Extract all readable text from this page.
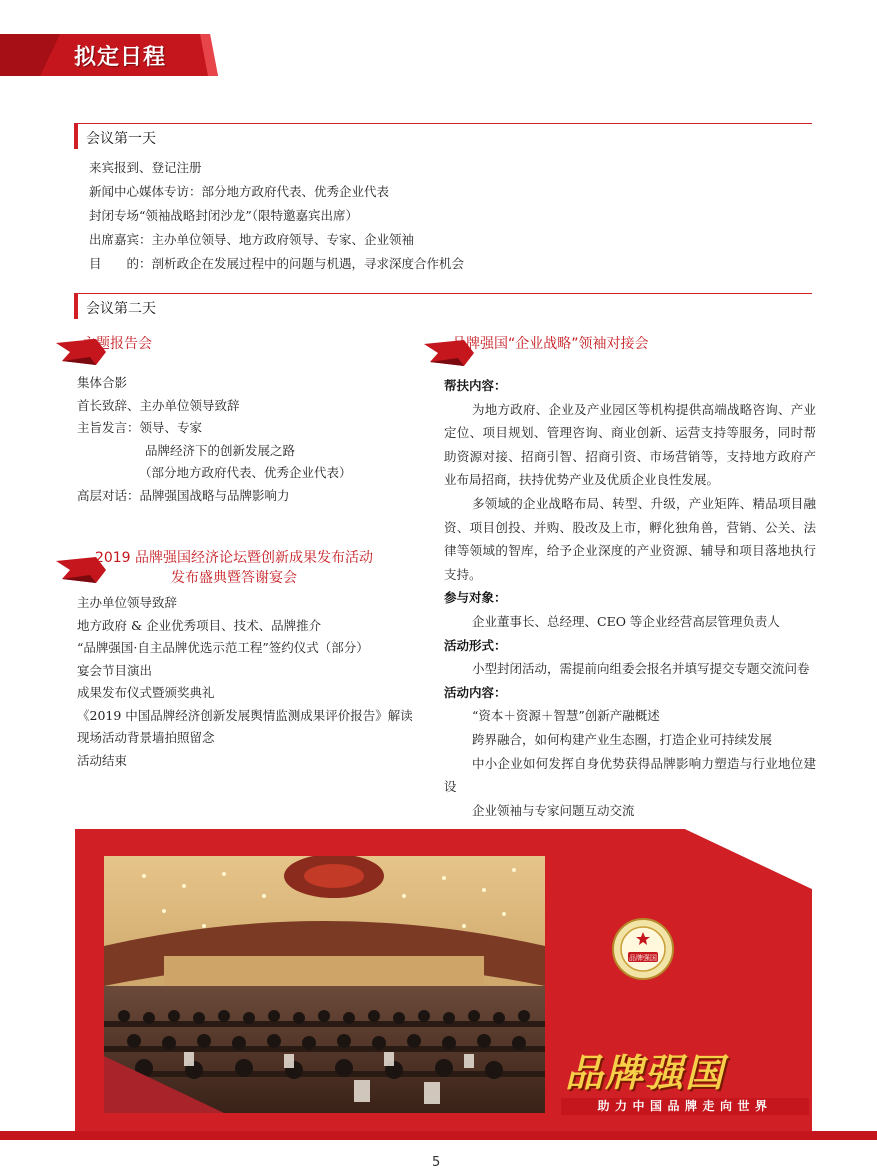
拟定日程
会议第一天
来宾报到、登记注册
新闻中心媒体专访：部分地方政府代表、优秀企业代表
封闭专场“领袖战略封闭沙龙”（限特邀嘉宾出席）
出席嘉宾：主办单位领导、地方政府领导、专家、企业领袖
目　　的：剖析政企在发展过程中的问题与机遇，寻求深度合作机会
会议第二天
主题报告会
集体合影
首长致辞、主办单位领导致辞
主旨发言：领导、专家
品牌经济下的创新发展之路
（部分地方政府代表、优秀企业代表）
高层对话：品牌强国战略与品牌影响力
2019 品牌强国经济论坛暨创新成果发布活动
发布盛典暨答谢宴会
主办单位领导致辞
地方政府 & 企业优秀项目、技术、品牌推介
“品牌强国·自主品牌优选示范工程”签约仪式（部分）
宴会节目演出
成果发布仪式暨颁奖典礼
《2019 中国品牌经济创新发展舆情监测成果评价报告》解读
现场活动背景墙拍照留念
活动结束
品牌强国“企业战略”领袖对接会

帮扶内容：

为地方政府、企业及产业园区等机构提供高端战略咨询、产业定位、项目规划、管理咨询、商业创新、运营支持等服务，同时帮助资源对接、招商引智、招商引资、市场营销等，支持地方政府产业布局招商，扶持优势产业及优质企业良性发展。

多领域的企业战略布局、转型、升级，产业矩阵、精品项目融资、项目创投、并购、股改及上市，孵化独角兽，营销、公关、法律等领域的智库，给予企业深度的产业资源、辅导和项目落地执行支持。

参与对象：

企业董事长、总经理、CEO 等企业经营高层管理负责人

活动形式：

小型封闭活动，需提前向组委会报名并填写提交专题交流问卷

活动内容：

“资本＋资源＋智慧”创新产融概述

跨界融合，如何构建产业生态圈，打造企业可持续发展

中小企业如何发挥自身优势获得品牌影响力塑造与行业地位建设

企业领袖与专家问题互动交流

品牌强国
品牌强国
助力中国品牌走向世界
5
